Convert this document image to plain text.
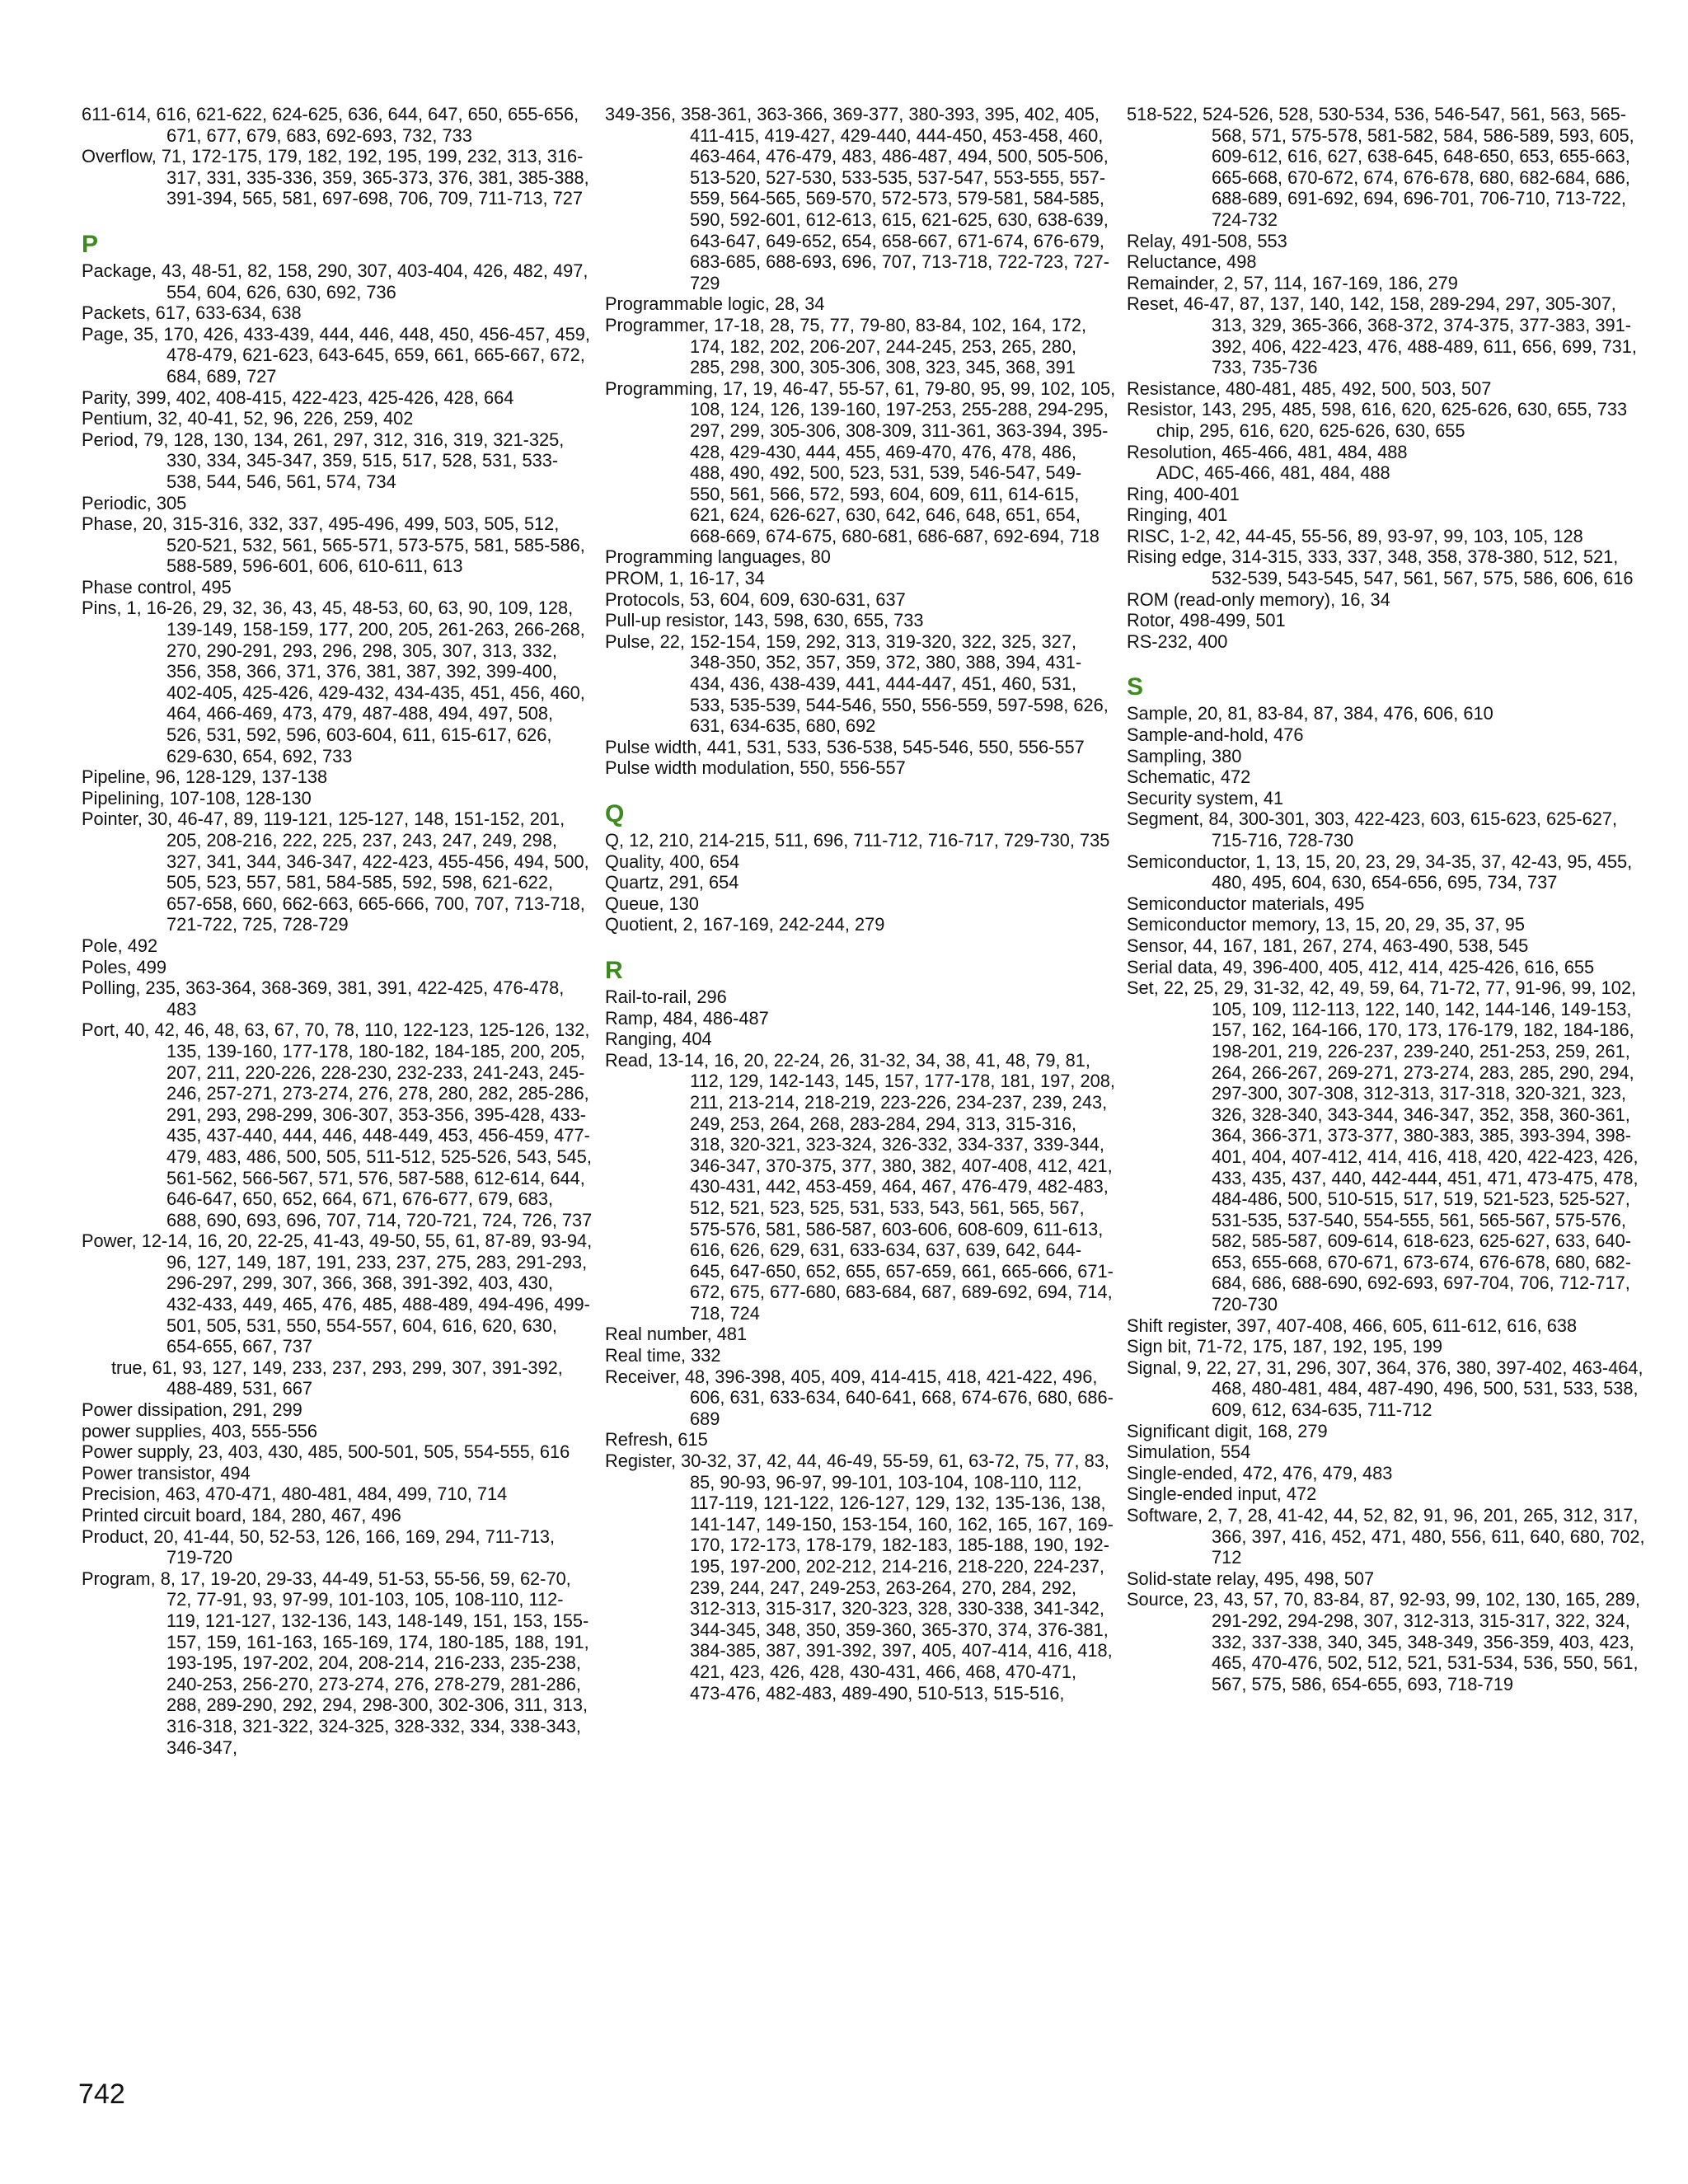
611-614, 616, 621-622, 624-625, 636, 644, 647, 650, 655-656, 671, 677, 679, 683, 692-693, 732, 733

Overflow, 71, 172-175, 179, 182, 192, 195, 199, 232, 313, 316-317, 331, 335-336, 359, 365-373, 376, 381, 385-388, 391-394, 565, 581, 697-698, 706, 709, 711-713, 727

P

Package, 43, 48-51, 82, 158, 290, 307, 403-404, 426, 482, 497, 554, 604, 626, 630, 692, 736

Packets, 617, 633-634, 638

Page, 35, 170, 426, 433-439, 444, 446, 448, 450, 456-457, 459, 478-479, 621-623, 643-645, 659, 661, 665-667, 672, 684, 689, 727

Parity, 399, 402, 408-415, 422-423, 425-426, 428, 664

Pentium, 32, 40-41, 52, 96, 226, 259, 402

Period, 79, 128, 130, 134, 261, 297, 312, 316, 319, 321-325, 330, 334, 345-347, 359, 515, 517, 528, 531, 533-538, 544, 546, 561, 574, 734

Periodic, 305

Phase, 20, 315-316, 332, 337, 495-496, 499, 503, 505, 512, 520-521, 532, 561, 565-571, 573-575, 581, 585-586, 588-589, 596-601, 606, 610-611, 613

Phase control, 495

Pins, 1, 16-26, 29, 32, 36, 43, 45, 48-53, 60, 63, 90, 109, 128, 139-149, 158-159, 177, 200, 205, 261-263, 266-268, 270, 290-291, 293, 296, 298, 305, 307, 313, 332, 356, 358, 366, 371, 376, 381, 387, 392, 399-400, 402-405, 425-426, 429-432, 434-435, 451, 456, 460, 464, 466-469, 473, 479, 487-488, 494, 497, 508, 526, 531, 592, 596, 603-604, 611, 615-617, 626, 629-630, 654, 692, 733

Pipeline, 96, 128-129, 137-138

Pipelining, 107-108, 128-130

Pointer, 30, 46-47, 89, 119-121, 125-127, 148, 151-152, 201, 205, 208-216, 222, 225, 237, 243, 247, 249, 298, 327, 341, 344, 346-347, 422-423, 455-456, 494, 500, 505, 523, 557, 581, 584-585, 592, 598, 621-622, 657-658, 660, 662-663, 665-666, 700, 707, 713-718, 721-722, 725, 728-729

Pole, 492

Poles, 499

Polling, 235, 363-364, 368-369, 381, 391, 422-425, 476-478, 483

Port, 40, 42, 46, 48, 63, 67, 70, 78, 110, 122-123, 125-126, 132, 135, 139-160, 177-178, 180-182, 184-185, 200, 205, 207, 211, 220-226, 228-230, 232-233, 241-243, 245-246, 257-271, 273-274, 276, 278, 280, 282, 285-286, 291, 293, 298-299, 306-307, 353-356, 395-428, 433-435, 437-440, 444, 446, 448-449, 453, 456-459, 477-479, 483, 486, 500, 505, 511-512, 525-526, 543, 545, 561-562, 566-567, 571, 576, 587-588, 612-614, 644, 646-647, 650, 652, 664, 671, 676-677, 679, 683, 688, 690, 693, 696, 707, 714, 720-721, 724, 726, 737

Power, 12-14, 16, 20, 22-25, 41-43, 49-50, 55, 61, 87-89, 93-94, 96, 127, 149, 187, 191, 233, 237, 275, 283, 291-293, 296-297, 299, 307, 366, 368, 391-392, 403, 430, 432-433, 449, 465, 476, 485, 488-489, 494-496, 499-501, 505, 531, 550, 554-557, 604, 616, 620, 630, 654-655, 667, 737

true, 61, 93, 127, 149, 233, 237, 293, 299, 307, 391-392, 488-489, 531, 667

Power dissipation, 291, 299

power supplies, 403, 555-556

Power supply, 23, 403, 430, 485, 500-501, 505, 554-555, 616

Power transistor, 494

Precision, 463, 470-471, 480-481, 484, 499, 710, 714

Printed circuit board, 184, 280, 467, 496

Product, 20, 41-44, 50, 52-53, 126, 166, 169, 294, 711-713, 719-720

Program, 8, 17, 19-20, 29-33, 44-49, 51-53, 55-56, 59, 62-70, 72, 77-91, 93, 97-99, 101-103, 105, 108-110, 112-119, 121-127, 132-136, 143, 148-149, 151, 153, 155-157, 159, 161-163, 165-169, 174, 180-185, 188, 191, 193-195, 197-202, 204, 208-214, 216-233, 235-238, 240-253, 256-270, 273-274, 276, 278-279, 281-286, 288, 289-290, 292, 294, 298-300, 302-306, 311, 313, 316-318, 321-322, 324-325, 328-332, 334, 338-343, 346-347,

349-356, 358-361, 363-366, 369-377, 380-393, 395, 402, 405, 411-415, 419-427, 429-440, 444-450, 453-458, 460, 463-464, 476-479, 483, 486-487, 494, 500, 505-506, 513-520, 527-530, 533-535, 537-547, 553-555, 557-559, 564-565, 569-570, 572-573, 579-581, 584-585, 590, 592-601, 612-613, 615, 621-625, 630, 638-639, 643-647, 649-652, 654, 658-667, 671-674, 676-679, 683-685, 688-693, 696, 707, 713-718, 722-723, 727-729

Programmable logic, 28, 34

Programmer, 17-18, 28, 75, 77, 79-80, 83-84, 102, 164, 172, 174, 182, 202, 206-207, 244-245, 253, 265, 280, 285, 298, 300, 305-306, 308, 323, 345, 368, 391

Programming, 17, 19, 46-47, 55-57, 61, 79-80, 95, 99, 102, 105, 108, 124, 126, 139-160, 197-253, 255-288, 294-295, 297, 299, 305-306, 308-309, 311-361, 363-394, 395-428, 429-430, 444, 455, 469-470, 476, 478, 486, 488, 490, 492, 500, 523, 531, 539, 546-547, 549-550, 561, 566, 572, 593, 604, 609, 611, 614-615, 621, 624, 626-627, 630, 642, 646, 648, 651, 654, 668-669, 674-675, 680-681, 686-687, 692-694, 718

Programming languages, 80

PROM, 1, 16-17, 34

Protocols, 53, 604, 609, 630-631, 637

Pull-up resistor, 143, 598, 630, 655, 733

Pulse, 22, 152-154, 159, 292, 313, 319-320, 322, 325, 327, 348-350, 352, 357, 359, 372, 380, 388, 394, 431-434, 436, 438-439, 441, 444-447, 451, 460, 531, 533, 535-539, 544-546, 550, 556-559, 597-598, 626, 631, 634-635, 680, 692

Pulse width, 441, 531, 533, 536-538, 545-546, 550, 556-557

Pulse width modulation, 550, 556-557

Q

Q, 12, 210, 214-215, 511, 696, 711-712, 716-717, 729-730, 735

Quality, 400, 654

Quartz, 291, 654

Queue, 130

Quotient, 2, 167-169, 242-244, 279

R

Rail-to-rail, 296

Ramp, 484, 486-487

Ranging, 404

Read, 13-14, 16, 20, 22-24, 26, 31-32, 34, 38, 41, 48, 79, 81, 112, 129, 142-143, 145, 157, 177-178, 181, 197, 208, 211, 213-214, 218-219, 223-226, 234-237, 239, 243, 249, 253, 264, 268, 283-284, 294, 313, 315-316, 318, 320-321, 323-324, 326-332, 334-337, 339-344, 346-347, 370-375, 377, 380, 382, 407-408, 412, 421, 430-431, 442, 453-459, 464, 467, 476-479, 482-483, 512, 521, 523, 525, 531, 533, 543, 561, 565, 567, 575-576, 581, 586-587, 603-606, 608-609, 611-613, 616, 626, 629, 631, 633-634, 637, 639, 642, 644-645, 647-650, 652, 655, 657-659, 661, 665-666, 671-672, 675, 677-680, 683-684, 687, 689-692, 694, 714, 718, 724

Real number, 481

Real time, 332

Receiver, 48, 396-398, 405, 409, 414-415, 418, 421-422, 496, 606, 631, 633-634, 640-641, 668, 674-676, 680, 686-689

Refresh, 615

Register, 30-32, 37, 42, 44, 46-49, 55-59, 61, 63-72, 75, 77, 83, 85, 90-93, 96-97, 99-101, 103-104, 108-110, 112, 117-119, 121-122, 126-127, 129, 132, 135-136, 138, 141-147, 149-150, 153-154, 160, 162, 165, 167, 169-170, 172-173, 178-179, 182-183, 185-188, 190, 192-195, 197-200, 202-212, 214-216, 218-220, 224-237, 239, 244, 247, 249-253, 263-264, 270, 284, 292, 312-313, 315-317, 320-323, 328, 330-338, 341-342, 344-345, 348, 350, 359-360, 365-370, 374, 376-381, 384-385, 387, 391-392, 397, 405, 407-414, 416, 418, 421, 423, 426, 428, 430-431, 466, 468, 470-471, 473-476, 482-483, 489-490, 510-513, 515-516,

518-522, 524-526, 528, 530-534, 536, 546-547, 561, 563, 565-568, 571, 575-578, 581-582, 584, 586-589, 593, 605, 609-612, 616, 627, 638-645, 648-650, 653, 655-663, 665-668, 670-672, 674, 676-678, 680, 682-684, 686, 688-689, 691-692, 694, 696-701, 706-710, 713-722, 724-732

Relay, 491-508, 553

Reluctance, 498

Remainder, 2, 57, 114, 167-169, 186, 279

Reset, 46-47, 87, 137, 140, 142, 158, 289-294, 297, 305-307, 313, 329, 365-366, 368-372, 374-375, 377-383, 391-392, 406, 422-423, 476, 488-489, 611, 656, 699, 731, 733, 735-736

Resistance, 480-481, 485, 492, 500, 503, 507

Resistor, 143, 295, 485, 598, 616, 620, 625-626, 630, 655, 733

chip, 295, 616, 620, 625-626, 630, 655

Resolution, 465-466, 481, 484, 488

ADC, 465-466, 481, 484, 488

Ring, 400-401

Ringing, 401

RISC, 1-2, 42, 44-45, 55-56, 89, 93-97, 99, 103, 105, 128

Rising edge, 314-315, 333, 337, 348, 358, 378-380, 512, 521, 532-539, 543-545, 547, 561, 567, 575, 586, 606, 616

ROM (read-only memory), 16, 34

Rotor, 498-499, 501

RS-232, 400

S

Sample, 20, 81, 83-84, 87, 384, 476, 606, 610

Sample-and-hold, 476

Sampling, 380

Schematic, 472

Security system, 41

Segment, 84, 300-301, 303, 422-423, 603, 615-623, 625-627, 715-716, 728-730

Semiconductor, 1, 13, 15, 20, 23, 29, 34-35, 37, 42-43, 95, 455, 480, 495, 604, 630, 654-656, 695, 734, 737

Semiconductor materials, 495

Semiconductor memory, 13, 15, 20, 29, 35, 37, 95

Sensor, 44, 167, 181, 267, 274, 463-490, 538, 545

Serial data, 49, 396-400, 405, 412, 414, 425-426, 616, 655

Set, 22, 25, 29, 31-32, 42, 49, 59, 64, 71-72, 77, 91-96, 99, 102, 105, 109, 112-113, 122, 140, 142, 144-146, 149-153, 157, 162, 164-166, 170, 173, 176-179, 182, 184-186, 198-201, 219, 226-237, 239-240, 251-253, 259, 261, 264, 266-267, 269-271, 273-274, 283, 285, 290, 294, 297-300, 307-308, 312-313, 317-318, 320-321, 323, 326, 328-340, 343-344, 346-347, 352, 358, 360-361, 364, 366-371, 373-377, 380-383, 385, 393-394, 398-401, 404, 407-412, 414, 416, 418, 420, 422-423, 426, 433, 435, 437, 440, 442-444, 451, 471, 473-475, 478, 484-486, 500, 510-515, 517, 519, 521-523, 525-527, 531-535, 537-540, 554-555, 561, 565-567, 575-576, 582, 585-587, 609-614, 618-623, 625-627, 633, 640-653, 655-668, 670-671, 673-674, 676-678, 680, 682-684, 686, 688-690, 692-693, 697-704, 706, 712-717, 720-730

Shift register, 397, 407-408, 466, 605, 611-612, 616, 638

Sign bit, 71-72, 175, 187, 192, 195, 199

Signal, 9, 22, 27, 31, 296, 307, 364, 376, 380, 397-402, 463-464, 468, 480-481, 484, 487-490, 496, 500, 531, 533, 538, 609, 612, 634-635, 711-712

Significant digit, 168, 279

Simulation, 554

Single-ended, 472, 476, 479, 483

Single-ended input, 472

Software, 2, 7, 28, 41-42, 44, 52, 82, 91, 96, 201, 265, 312, 317, 366, 397, 416, 452, 471, 480, 556, 611, 640, 680, 702, 712

Solid-state relay, 495, 498, 507

Source, 23, 43, 57, 70, 83-84, 87, 92-93, 99, 102, 130, 165, 289, 291-292, 294-298, 307, 312-313, 315-317, 322, 324, 332, 337-338, 340, 345, 348-349, 356-359, 403, 423, 465, 470-476, 502, 512, 521, 531-534, 536, 550, 561, 567, 575, 586, 654-655, 693, 718-719

742
